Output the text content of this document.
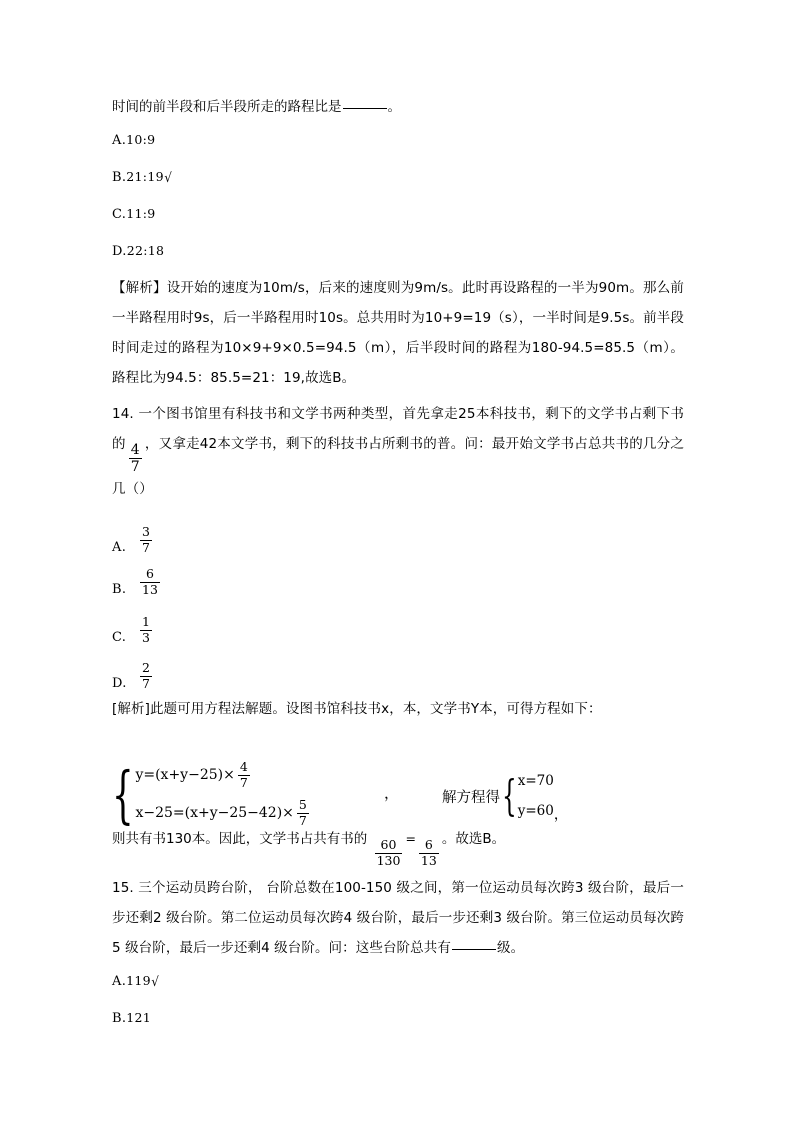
时间的前半段和后半段所走的路程比是	。
A.10:9
B.21:19√
C.11:9
D.22:18
【解析】设开始的速度为10m/s，后来的速度则为9m/s。此时再设路程的一半为90m。那么前一半路程用时9s，后一半路程用时10s。总共用时为10+9=19（s），一半时间是9.5s。前半段时间走过的路程为10×9+9×0.5=94.5（m），后半段时间的路程为180-94.5=85.5（m）。路程比为94.5：85.5=21：19,故选B。
14. 一个图书馆里有科技书和文学书两种类型，首先拿走25本科技书，剩下的文学书占剩下书的 $\frac{4}{7}$ ，又拿走42本文学书，剩下的科技书占所剩书的普。问：最开始文学书占总共书的几分之几（）
A.	$\frac{3}{7}$
B.	$\frac{6}{13}$
C.	$\frac{1}{3}$
D.	$\frac{2}{7}$
[解析]此题可用方程法解题。设图书馆科技书x，本，文学书Y本，可得方程如下：
{ $y=(x+y-25)\times \frac{4}{7}$
$x-25=(x+y-25-42)\times \frac{5}{7}$
，	解方程得 { x=70
y=60 ，
则共有书130本。因此，文学书占共有书的
$\frac{60}{130}$
=
$\frac{6}{13}$
。故选B。
15. 三个运动员跨台阶， 台阶总数在100-150 级之间，第一位运动员每次跨3 级台阶，最后一步还剩2 级台阶。第二位运动员每次跨4 级台阶，最后一步还剩3 级台阶。第三位运动员每次跨5 级台阶，最后一步还剩4 级台阶。问：这些台阶总共有	级。
A.119√
B.121
